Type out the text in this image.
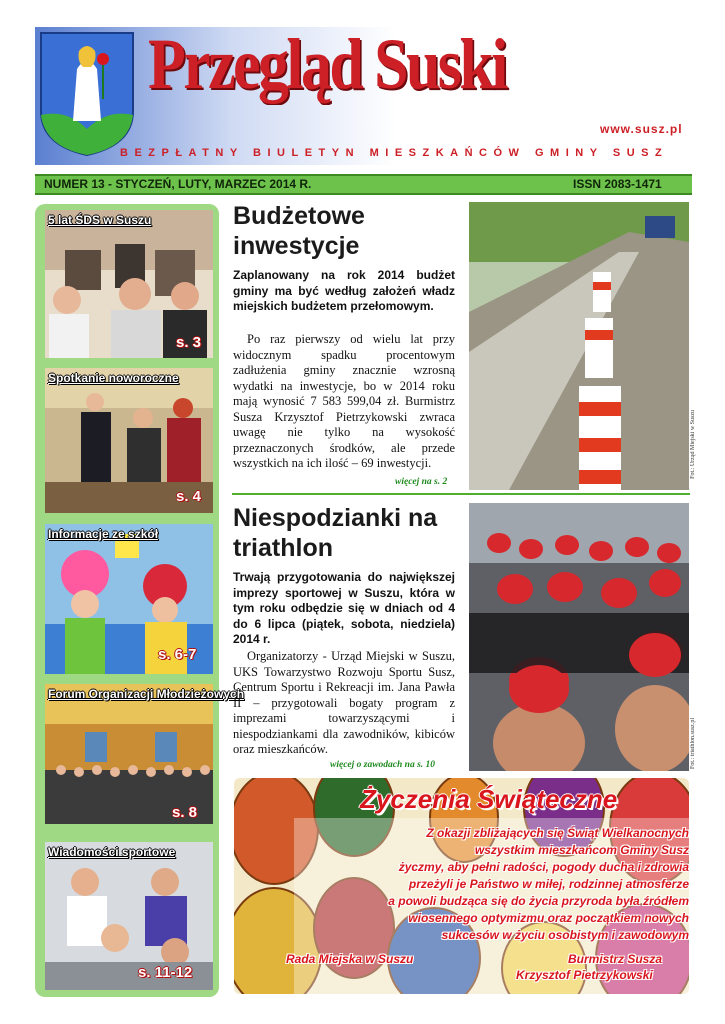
Przegląd Suski
www.susz.pl
BEZPŁATNY BIULETYN MIESZKAŃCÓW GMINY SUSZ
NUMER 13 - STYCZEŃ, LUTY, MARZEC 2014 R.	ISSN 2083-1471
5 lat ŚDS w Suszu
s. 3
Spotkanie noworoczne
s. 4
Informacje ze szkół
s. 6-7
Forum Organizacji Młodzieżowych
s. 8
Wiadomości sportowe
s. 11-12
Budżetowe inwestycje
Zaplanowany na rok 2014 budżet gminy ma być według założeń władz miejskich budżetem przełomowym.
Po raz pierwszy od wielu lat przy widocznym spadku procentowym zadłużenia gminy znacznie wzrosną wydatki na inwestycje, bo w 2014 roku mają wynosić 7 583 599,04 zł. Burmistrz Susza Krzysztof Pietrzykowski zwraca uwagę nie tylko na wysokość przeznaczonych środków, ale przede wszystkich na ich ilość – 69 inwestycji.
więcej na s. 2
Fot.: Urząd Miejski w Suszu
Niespodzianki na triathlon
Trwają przygotowania do największej imprezy sportowej w Suszu, która w tym roku odbędzie się w dniach od 4 do 6 lipca (piątek, sobota, niedziela) 2014 r.
Organizatorzy - Urząd Miejski w Suszu, UKS Towarzystwo Rozwoju Sportu Susz, Centrum Sportu i Rekreacji im. Jana Pawła II – przygotowali bogaty program z imprezami towarzyszącymi i niespodziankami dla zawodników, kibiców oraz mieszkańców.
więcej o zawodach na s. 10	Fot.: triathlon.susz.pl
Życzenia Świąteczne
Z okazji zbliżających się Świąt Wielkanocnych
wszystkim mieszkańcom Gminy Susz
życzmy, aby pełni radości, pogody ducha i zdrowia
przeżyli je Państwo w miłej, rodzinnej atmosferze
a powoli budząca się do życia przyroda była źródłem
wiosennego optymizmu oraz początkiem nowych
sukcesów w życiu osobistym i zawodowym
Rada Miejska w Suszu	Burmistrz Susza
Krzysztof Pietrzykowski
